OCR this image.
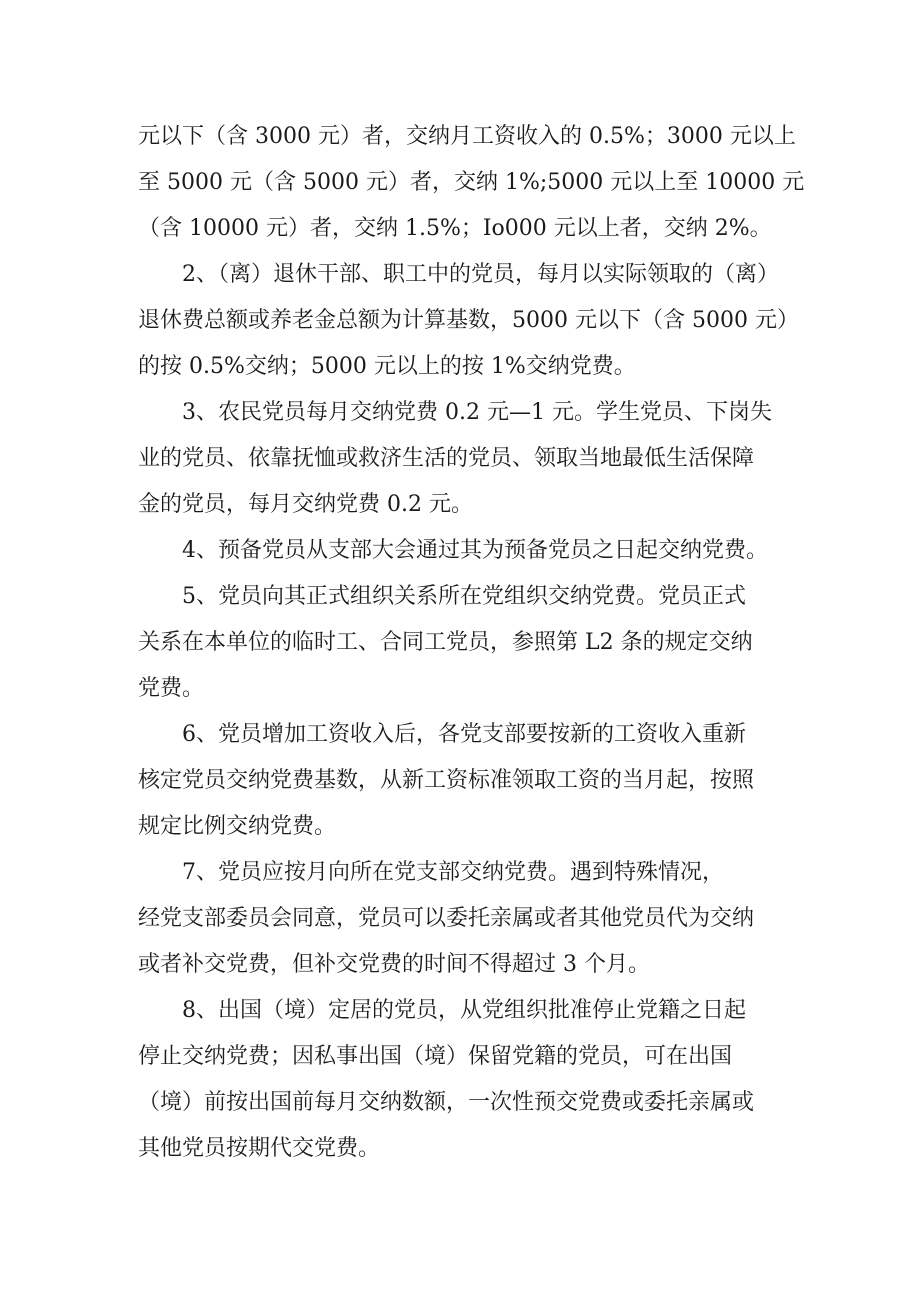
元以下（含 3000 元）者，交纳月工资收入的 0.5%；3000 元以上
至 5000 元（含 5000 元）者，交纳 1%;5000 元以上至 10000 元
（含 10000 元）者，交纳 1.5%；Io000 元以上者，交纳 2%。
　　2、（离）退休干部、职工中的党员，每月以实际领取的（离）
退休费总额或养老金总额为计算基数，5000 元以下（含 5000 元）
的按 0.5%交纳；5000 元以上的按 1%交纳党费。
　　3、农民党员每月交纳党费 0.2 元—1 元。学生党员、下岗失
业的党员、依靠抚恤或救济生活的党员、领取当地最低生活保障
金的党员，每月交纳党费 0.2 元。
　　4、预备党员从支部大会通过其为预备党员之日起交纳党费。
　　5、党员向其正式组织关系所在党组织交纳党费。党员正式
关系在本单位的临时工、合同工党员，参照第 L2 条的规定交纳
党费。
　　6、党员增加工资收入后，各党支部要按新的工资收入重新
核定党员交纳党费基数，从新工资标准领取工资的当月起，按照
规定比例交纳党费。
　　7、党员应按月向所在党支部交纳党费。遇到特殊情况，
经党支部委员会同意，党员可以委托亲属或者其他党员代为交纳
或者补交党费，但补交党费的时间不得超过 3 个月。
　　8、出国（境）定居的党员，从党组织批准停止党籍之日起
停止交纳党费；因私事出国（境）保留党籍的党员，可在出国
（境）前按出国前每月交纳数额，一次性预交党费或委托亲属或
其他党员按期代交党费。
